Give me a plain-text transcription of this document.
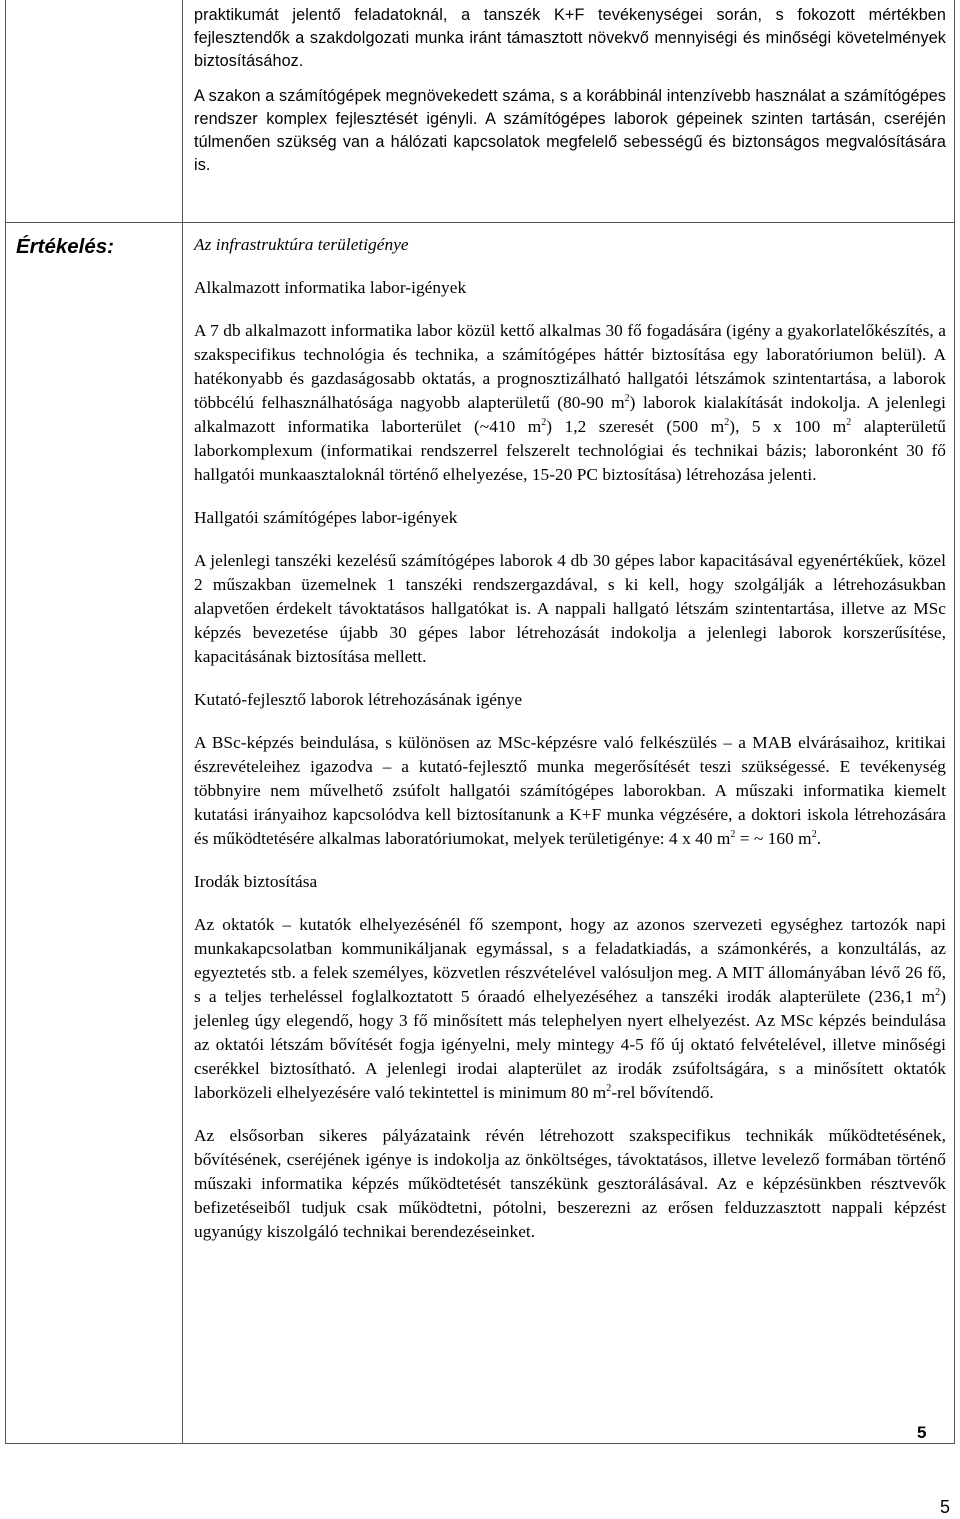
praktikumát jelentő feladatoknál, a tanszék K+F tevékenységei során, s fokozott mértékben fejlesztendők a szakdolgozati munka iránt támasztott növekvő mennyiségi és minőségi követelmények biztosításához.

A szakon a számítógépek megnövekedett száma, s a korábbinál intenzívebb használat a számítógépes rendszer komplex fejlesztését igényli. A számítógépes laborok gépeinek szinten tartásán, cseréjén túlmenően szükség van a hálózati kapcsolatok megfelelő sebességű és biztonságos megvalósítására is.

Értékelés:	Az infrastruktúra területigénye

Alkalmazott informatika labor-igények

A 7 db alkalmazott informatika labor közül kettő alkalmas 30 fő fogadására (igény a gyakorlatelőkészítés, a szakspecifikus technológia és technika, a számítógépes háttér biztosítása egy laboratóriumon belül). A hatékonyabb és gazdaságosabb oktatás, a prognosztizálható hallgatói létszámok szintentartása, a laborok többcélú felhasználhatósága nagyobb alapterületű (80-90 $m^2$) laborok kialakítását indokolja. A jelenlegi alkalmazott informatika laborterület (~410 $m^2$) 1,2 szeresét (500 $m^2$), 5 x 100 $m^2$ alapterületű laborkomplexum (informatikai rendszerrel felszerelt technológiai és technikai bázis; laboronként 30 fő hallgatói munkaasztaloknál történő elhelyezése, 15-20 PC biztosítása) létrehozása jelenti.

Hallgatói számítógépes labor-igények

A jelenlegi tanszéki kezelésű számítógépes laborok 4 db 30 gépes labor kapacitásával egyenértékűek, közel 2 műszakban üzemelnek 1 tanszéki rendszergazdával, s ki kell, hogy szolgálják a létrehozásukban alapvetően érdekelt távoktatásos hallgatókat is. A nappali hallgató létszám szintentartása, illetve az MSc képzés bevezetése újabb 30 gépes labor létrehozását indokolja a jelenlegi laborok korszerűsítése, kapacitásának biztosítása mellett.

Kutató-fejlesztő laborok létrehozásának igénye

A BSc-képzés beindulása, s különösen az MSc-képzésre való felkészülés – a MAB elvárásaihoz, kritikai észrevételeihez igazodva – a kutató-fejlesztő munka megerősítését teszi szükségessé. E tevékenység többnyire nem művelhető zsúfolt hallgatói számítógépes laborokban. A műszaki informatika kiemelt kutatási irányaihoz kapcsolódva kell biztosítanunk a K+F munka végzésére, a doktori iskola létrehozására és működtetésére alkalmas laboratóriumokat, melyek területigénye: 4 x 40 $m^2$ = ~ 160 $m^2$.

Irodák biztosítása

Az oktatók – kutatók elhelyezésénél fő szempont, hogy az azonos szervezeti egységhez tartozók napi munkakapcsolatban kommunikáljanak egymással, s a feladatkiadás, a számonkérés, a konzultálás, az egyeztetés stb. a felek személyes, közvetlen részvételével valósuljon meg. A MIT állományában lévő 26 fő, s a teljes terheléssel foglalkoztatott 5 óraadó elhelyezéséhez a tanszéki irodák alapterülete (236,1 $m^2$) jelenleg úgy elegendő, hogy 3 fő minősített más telephelyen nyert elhelyezést. Az MSc képzés beindulása az oktatói létszám bővítését fogja igényelni, mely mintegy 4-5 fő új oktató felvételével, illetve minőségi cserékkel biztosítható. A jelenlegi irodai alapterület az irodák zsúfoltságára, s a minősített oktatók laborközeli elhelyezésére való tekintettel is minimum 80 $m^2$-rel bővítendő.

Az elsősorban sikeres pályázataink révén létrehozott szakspecifikus technikák működtetésének, bővítésének, cseréjének igénye is indokolja az önköltséges, távoktatásos, illetve levelező formában történő műszaki informatika képzés működtetését tanszékünk gesztorálásával. Az e képzésünkben résztvevők befizetéseiből tudjuk csak működtetni, pótolni, beszerezni az erősen felduzzasztott nappali képzést ugyanúgy kiszolgáló technikai berendezéseinket.

5
5
